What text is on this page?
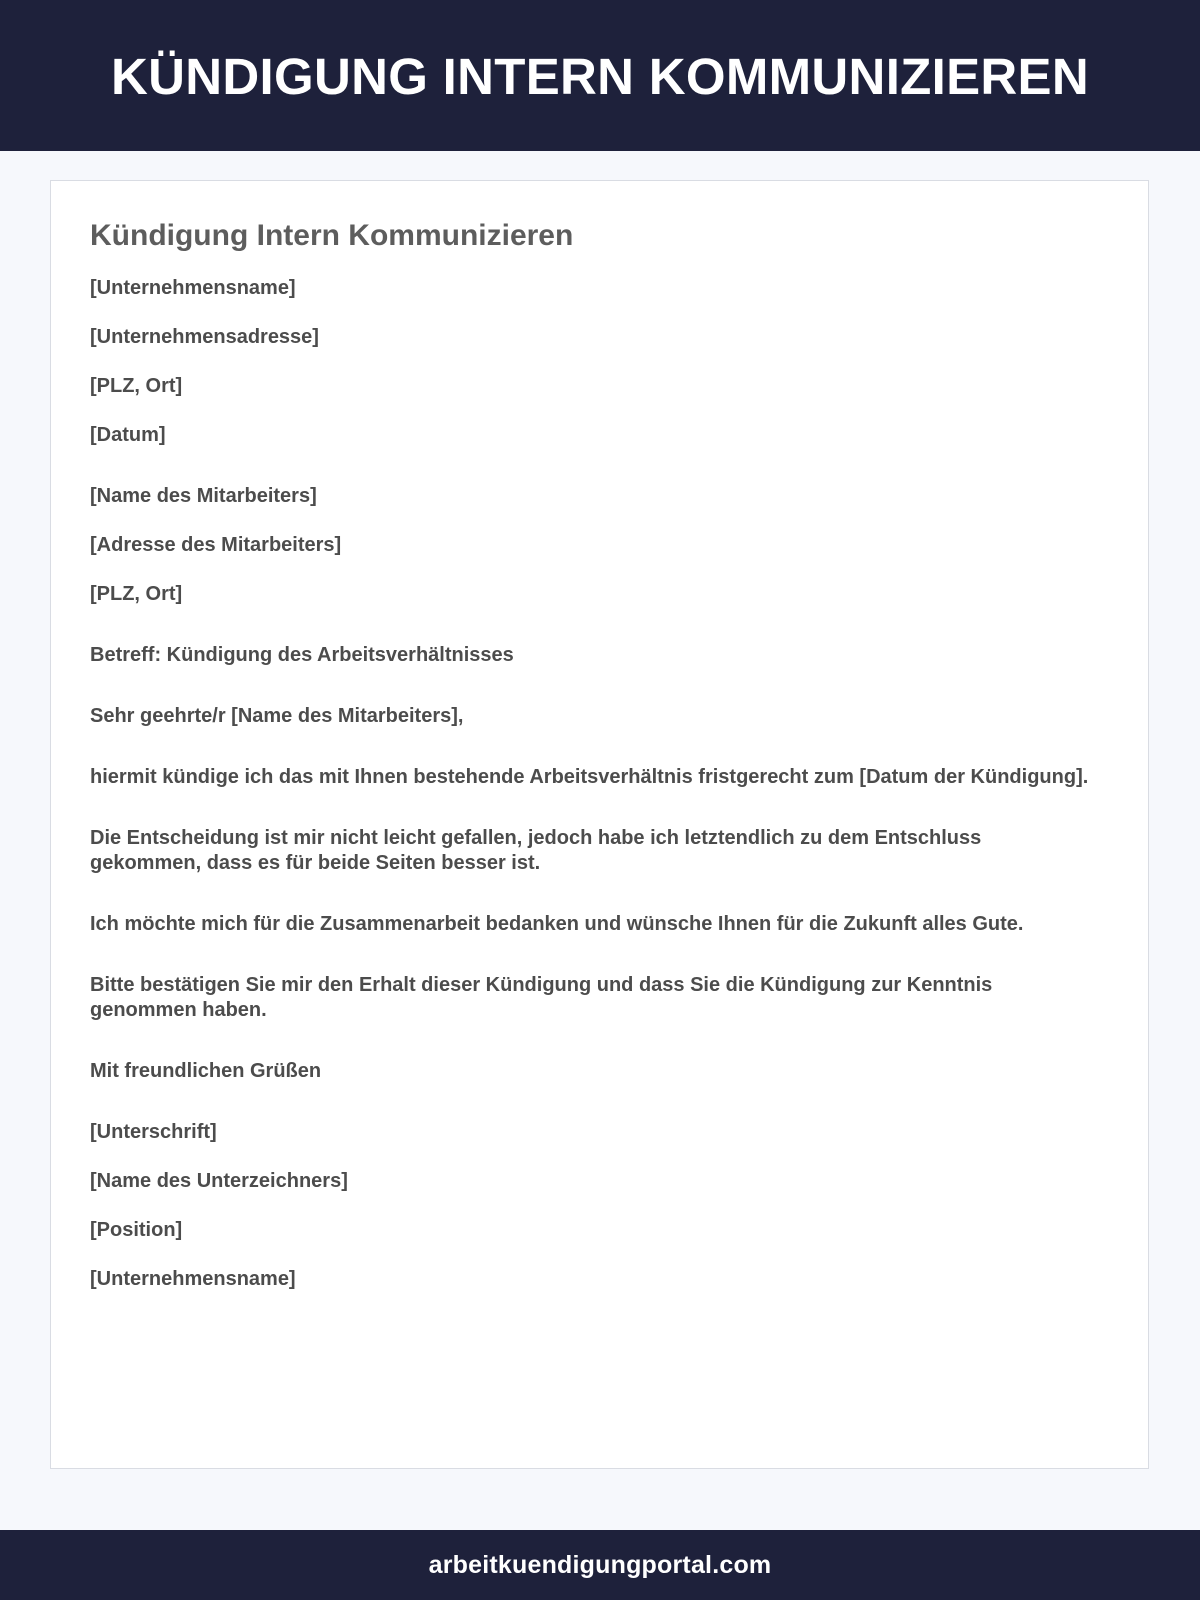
KÜNDIGUNG INTERN KOMMUNIZIEREN
Kündigung Intern Kommunizieren

[Unternehmensname]

[Unternehmensadresse]

[PLZ, Ort]

[Datum]

[Name des Mitarbeiters]

[Adresse des Mitarbeiters]

[PLZ, Ort]

Betreff: Kündigung des Arbeitsverhältnisses

Sehr geehrte/r [Name des Mitarbeiters],

hiermit kündige ich das mit Ihnen bestehende Arbeitsverhältnis fristgerecht zum [Datum der Kündigung].

Die Entscheidung ist mir nicht leicht gefallen, jedoch habe ich letztendlich zu dem Entschluss gekommen, dass es für beide Seiten besser ist.

Ich möchte mich für die Zusammenarbeit bedanken und wünsche Ihnen für die Zukunft alles Gute.

Bitte bestätigen Sie mir den Erhalt dieser Kündigung und dass Sie die Kündigung zur Kenntnis genommen haben.

Mit freundlichen Grüßen

[Unterschrift]

[Name des Unterzeichners]

[Position]

[Unternehmensname]

arbeitkuendigungportal.com
